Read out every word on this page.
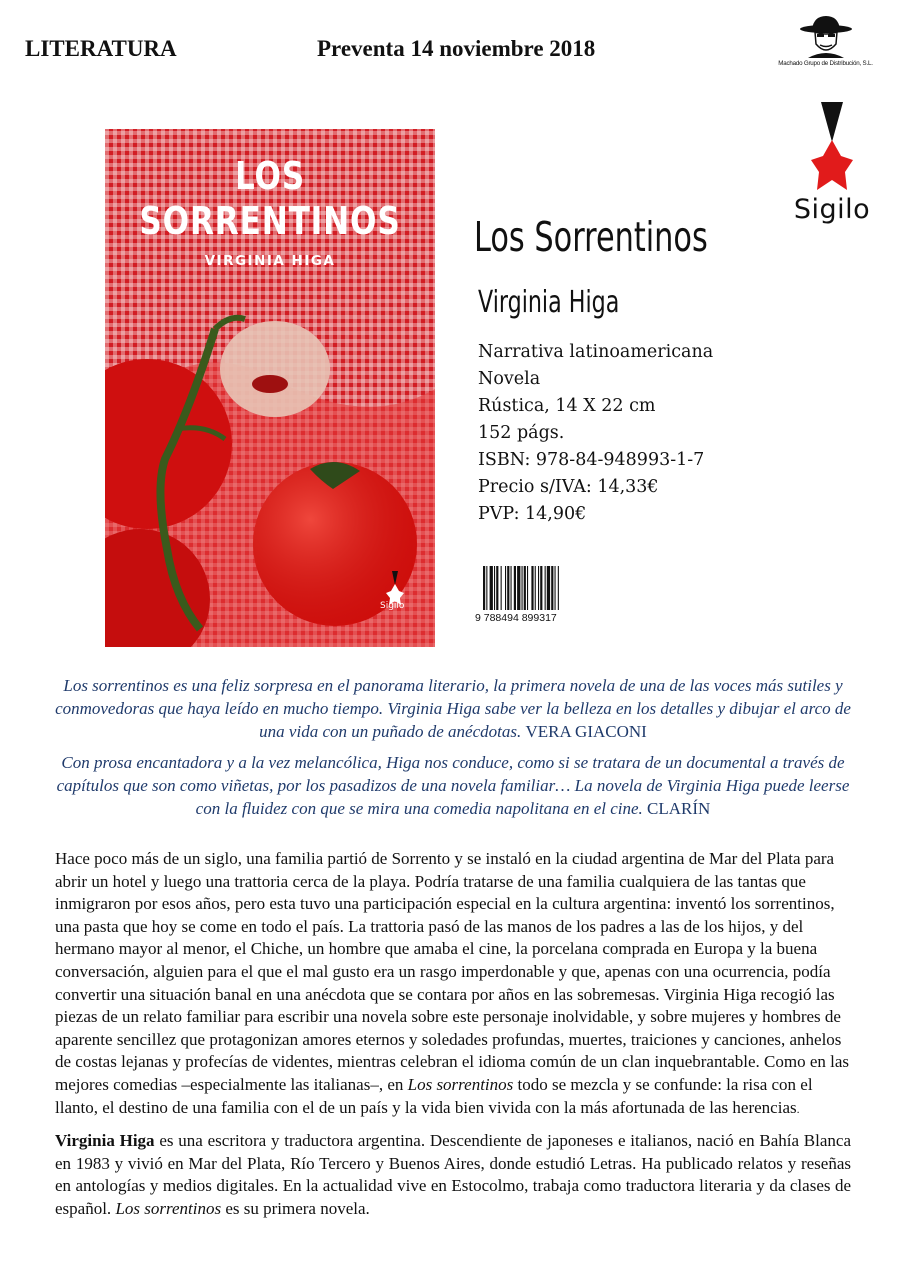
LITERATURA	Preventa 14 noviembre 2018
Machado Grupo de Distribución, S.L.
Sigilo
LOS
SORRENTINOS
VIRGINIA HIGA
Sigilo
Los Sorrentinos
Virginia Higa
Narrativa latinoamericana
Novela
Rústica, 14 X 22 cm
152 págs.
ISBN: 978-84-948993-1-7
Precio s/IVA: 14,33€
PVP: 14,90€
9 788494 899317

Los sorrentinos es una feliz sorpresa en el panorama literario, la primera novela de una de las voces más sutiles y conmovedoras que haya leído en mucho tiempo. Virginia Higa sabe ver la belleza en los detalles y dibujar el arco de una vida con un puñado de anécdotas. VERA GIACONI

Con prosa encantadora y a la vez melancólica, Higa nos conduce, como si se tratara de un documental a través de capítulos que son como viñetas, por los pasadizos de una novela familiar… La novela de Virginia Higa puede leerse con la fluidez con que se mira una comedia napolitana en el cine. CLARÍN

Hace poco más de un siglo, una familia partió de Sorrento y se instaló en la ciudad argentina de Mar del Plata para abrir un hotel y luego una trattoria cerca de la playa. Podría tratarse de una familia cualquiera de las tantas que inmigraron por esos años, pero esta tuvo una participación especial en la cultura argentina: inventó los sorrentinos, una pasta que hoy se come en todo el país. La trattoria pasó de las manos de los padres a las de los hijos, y del hermano mayor al menor, el Chiche, un hombre que amaba el cine, la porcelana comprada en Europa y la buena conversación, alguien para el que el mal gusto era un rasgo imperdonable y que, apenas con una ocurrencia, podía convertir una situación banal en una anécdota que se contara por años en las sobremesas. Virginia Higa recogió las piezas de un relato familiar para escribir una novela sobre este personaje inolvidable, y sobre mujeres y hombres de aparente sencillez que protagonizan amores eternos y soledades profundas, muertes, traiciones y canciones, anhelos de costas lejanas y profecías de videntes, mientras celebran el idioma común de un clan inquebrantable. Como en las mejores comedias –especialmente las italianas–, en Los sorrentinos todo se mezcla y se confunde: la risa con el llanto, el destino de una familia con el de un país y la vida bien vivida con la más afortunada de las herencias.

Virginia Higa es una escritora y traductora argentina. Descendiente de japoneses e italianos, nació en Bahía Blanca en 1983 y vivió en Mar del Plata, Río Tercero y Buenos Aires, donde estudió Letras. Ha publicado relatos y reseñas en antologías y medios digitales. En la actualidad vive en Estocolmo, trabaja como traductora literaria y da clases de español. Los sorrentinos es su primera novela.
